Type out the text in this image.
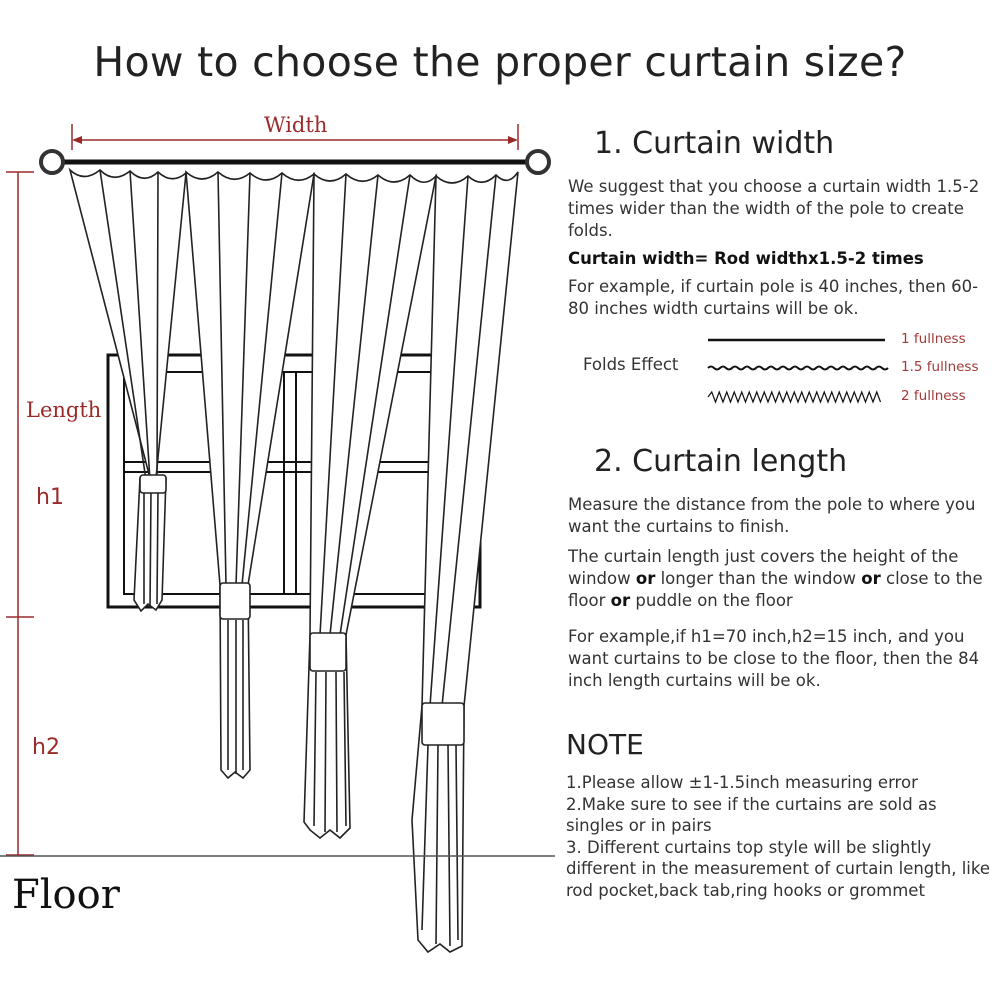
How to choose the proper curtain size?
Width
Length
h1
h2
Floor
1. Curtain width
We suggest that you choose a curtain width 1.5-2 times wider than the width of the pole to create folds.
Curtain width= Rod widthx1.5-2 times
For example, if curtain pole is 40 inches, then 60-80 inches width curtains will be ok.
Folds Effect
1 fullness
1.5 fullness
2 fullness
2. Curtain length
Measure the distance from the pole to where you want the curtains to finish.
The curtain length just covers the height of the window or longer than the window or close to the floor or puddle on the floor
For example,if h1=70 inch,h2=15 inch, and you want curtains to be close to the floor, then the 84 inch length curtains will be ok.
NOTE
1.Please allow ±1-1.5inch measuring error
2.Make sure to see if the curtains are sold as singles or in pairs
3. Different curtains top style will be slightly different in the measurement of curtain length, like rod pocket,back tab,ring hooks or grommet
